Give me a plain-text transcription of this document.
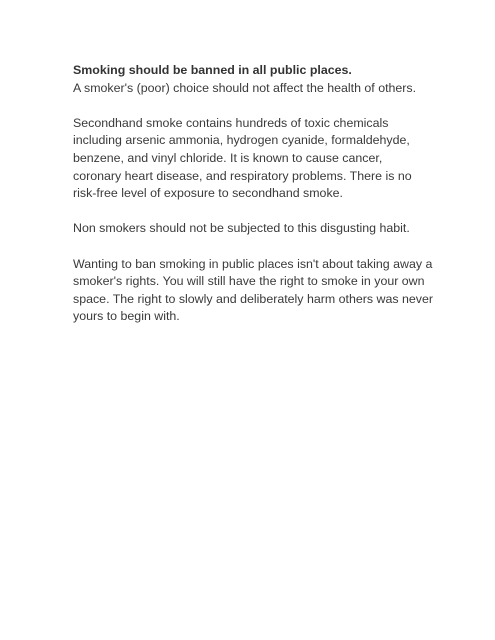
Smoking should be banned in all public places.

A smoker's (poor) choice should not affect the health of others.

Secondhand smoke contains hundreds of toxic chemicals including arsenic ammonia, hydrogen cyanide, formaldehyde, benzene, and vinyl chloride. It is known to cause cancer, coronary heart disease, and respiratory problems. There is no risk-free level of exposure to secondhand smoke.

Non smokers should not be subjected to this disgusting habit.

Wanting to ban smoking in public places isn't about taking away a smoker's rights. You will still have the right to smoke in your own space. The right to slowly and deliberately harm others was never yours to begin with.
